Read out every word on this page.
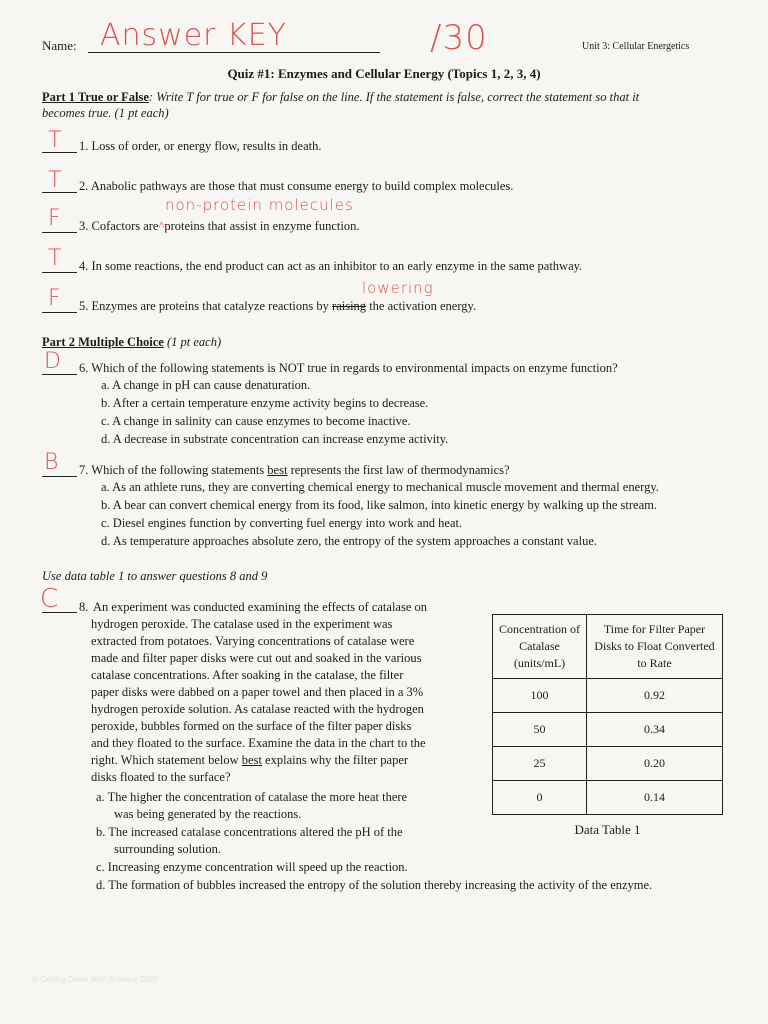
Name: Answer KEY	/30	Unit 3: Cellular Energetics
Quiz #1: Enzymes and Cellular Energy (Topics 1, 2, 3, 4)
Part 1 True or False: Write T for true or F for false on the line. If the statement is false, correct the statement so that it
becomes true. (1 pt each)
T 1. Loss of order, or energy flow, results in death.
T 2. Anabolic pathways are those that must consume energy to build complex molecules.
non-protein molecules
F 3. Cofactors are^proteins that assist in enzyme function.
T 4. In some reactions, the end product can act as an inhibitor to an early enzyme in the same pathway.
lowering
F 5. Enzymes are proteins that catalyze reactions by raising the activation energy.
Part 2 Multiple Choice (1 pt each)
D 6. Which of the following statements is NOT true in regards to environmental impacts on enzyme function?
a. A change in pH can cause denaturation.
b. After a certain temperature enzyme activity begins to decrease.
c. A change in salinity can cause enzymes to become inactive.
d. A decrease in substrate concentration can increase enzyme activity.
B 7. Which of the following statements best represents the first law of thermodynamics?
a. As an athlete runs, they are converting chemical energy to mechanical muscle movement and thermal energy.
b. A bear can convert chemical energy from its food, like salmon, into kinetic energy by walking up the stream.
c. Diesel engines function by converting fuel energy into work and heat.
d. As temperature approaches absolute zero, the entropy of the system approaches a constant value.
Use data table 1 to answer questions 8 and 9
C 8. An experiment was conducted examining the effects of catalase on
hydrogen peroxide. The catalase used in the experiment was
extracted from potatoes. Varying concentrations of catalase were
made and filter paper disks were cut out and soaked in the various
catalase concentrations. After soaking in the catalase, the filter
paper disks were dabbed on a paper towel and then placed in a 3%
hydrogen peroxide solution. As catalase reacted with the hydrogen
peroxide, bubbles formed on the surface of the filter paper disks
and they floated to the surface. Examine the data in the chart to the
right. Which statement below best explains why the filter paper
disks floated to the surface?
a. The higher the concentration of catalase the more heat there
was being generated by the reactions.
b. The increased catalase concentrations altered the pH of the
surrounding solution.
c. Increasing enzyme concentration will speed up the reaction.
d. The formation of bubbles increased the entropy of the solution thereby increasing the activity of the enzyme.
Concentration of Catalase (units/mL)	Time for Filter Paper Disks to Float Converted to Rate
100	0.92
50	0.34
25	0.20
0	0.14
Data Table 1
© Getting Down With Science 2020
